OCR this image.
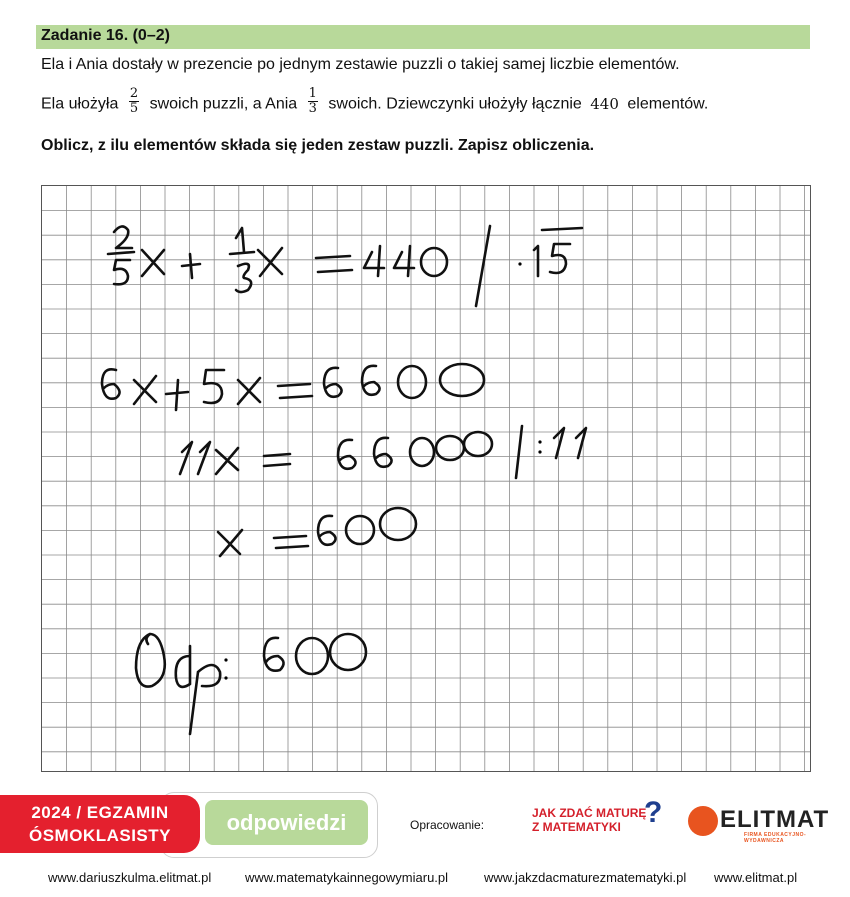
Zadanie 16. (0–2)
Ela i Ania dostały w prezencie po jednym zestawie puzzli o takiej samej liczbie elementów.
Ela ułożyła $\frac{2}{5}$ swoich puzzli, a Ania $\frac{1}{3}$ swoich. Dziewczynki ułożyły łącznie 440 elementów.
Oblicz, z ilu elementów składa się jeden zestaw puzzli. Zapisz obliczenia.
2024 / EGZAMIN
ÓSMOKLASISTY
odpowiedzi	Opracowanie:
JAK ZDAĆ MATURĘ
Z MATEMATYKI ? ELITMAT
FIRMA EDUKACYJNO-WYDAWNICZA
www.dariuszkulma.elitmat.pl	www.matematykainnegowymiaru.pl	www.jakzdacmaturezmatematyki.pl www.elitmat.pl
